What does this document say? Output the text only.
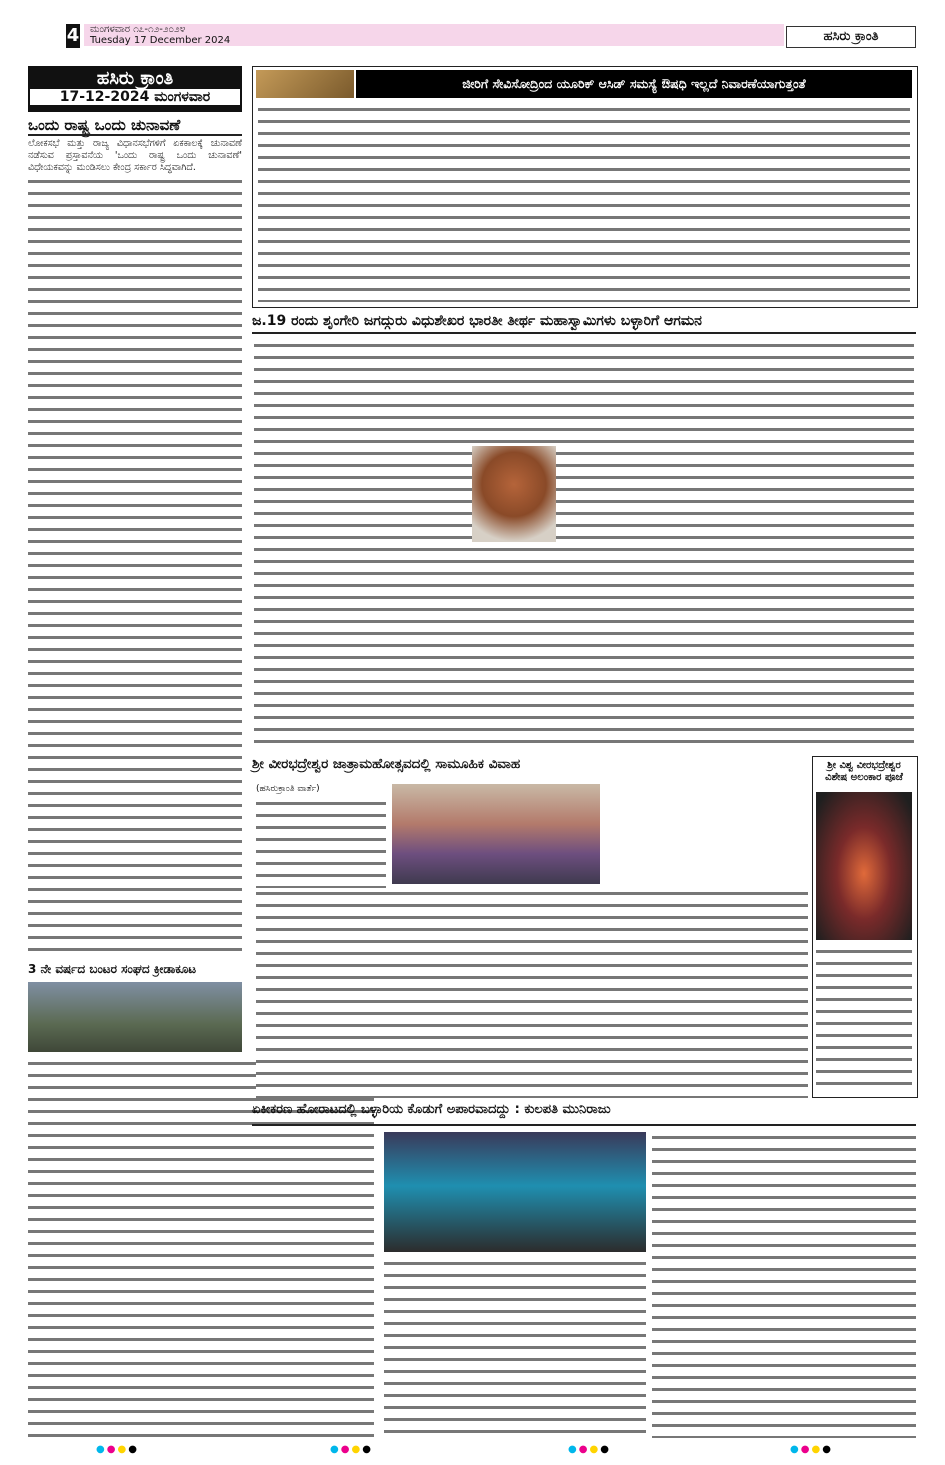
4 ಮಂಗಳವಾರ ೧೭-೧೨-೨೦೨೪
Tuesday 17 December 2024	ಹಸಿರು ಕ್ರಾಂತಿ
ಹಸಿರು ಕ್ರಾಂತಿ
17-12-2024 ಮಂಗಳವಾರ
ಒಂದು ರಾಷ್ಟ್ರ ಒಂದು ಚುನಾವಣೆ
ಲೋಕಸಭೆ ಮತ್ತು ರಾಜ್ಯ ವಿಧಾನಸಭೆಗಳಿಗೆ ಏಕಕಾಲಕ್ಕೆ ಚುನಾವಣೆ ನಡೆಸುವ ಪ್ರಸ್ತಾವನೆಯ 'ಒಂದು ರಾಷ್ಟ್ರ ಒಂದು ಚುನಾವಣೆ' ವಿಧೇಯಕವನ್ನು ಮಂಡಿಸಲು ಕೇಂದ್ರ ಸರ್ಕಾರ ಸಿದ್ಧವಾಗಿದೆ.
3 ನೇ ವರ್ಷದ ಬಂಟರ ಸಂಘದ ಕ್ರೀಡಾಕೂಟ
ಜೀರಿಗೆ ಸೇವಿಸೋದ್ರಿಂದ ಯೂರಿಕ್ ಆಸಿಡ್ ಸಮಸ್ಯೆ ಔಷಧಿ ಇಲ್ಲದೆ ನಿವಾರಣೆಯಾಗುತ್ತಂತೆ
ಜ.19 ರಂದು ಶೃಂಗೇರಿ ಜಗದ್ಗುರು ವಿಧುಶೇಖರ ಭಾರತೀ ತೀರ್ಥ ಮಹಾಸ್ವಾಮಿಗಳು ಬಳ್ಳಾರಿಗೆ ಆಗಮನ
ಶ್ರೀ ವೀರಭದ್ರೇಶ್ವರ ಜಾತ್ರಾಮಹೋತ್ಸವದಲ್ಲಿ ಸಾಮೂಹಿಕ ವಿವಾಹ
(ಹಸಿರುಕ್ರಾಂತಿ ವಾರ್ತೆ)
ಶ್ರೀ ವಿಶ್ವ ವೀರಭದ್ರೇಶ್ವರ ವಿಶೇಷ ಅಲಂಕಾರ ಪೂಜೆ
ಏಕೀಕರಣ ಹೋರಾಟದಲ್ಲಿ ಬಳ್ಳಾರಿಯ ಕೊಡುಗೆ ಅಪಾರವಾದದ್ದು : ಕುಲಪತಿ ಮುನಿರಾಜು
●●●●	●●●●	●●●●	●●●●
